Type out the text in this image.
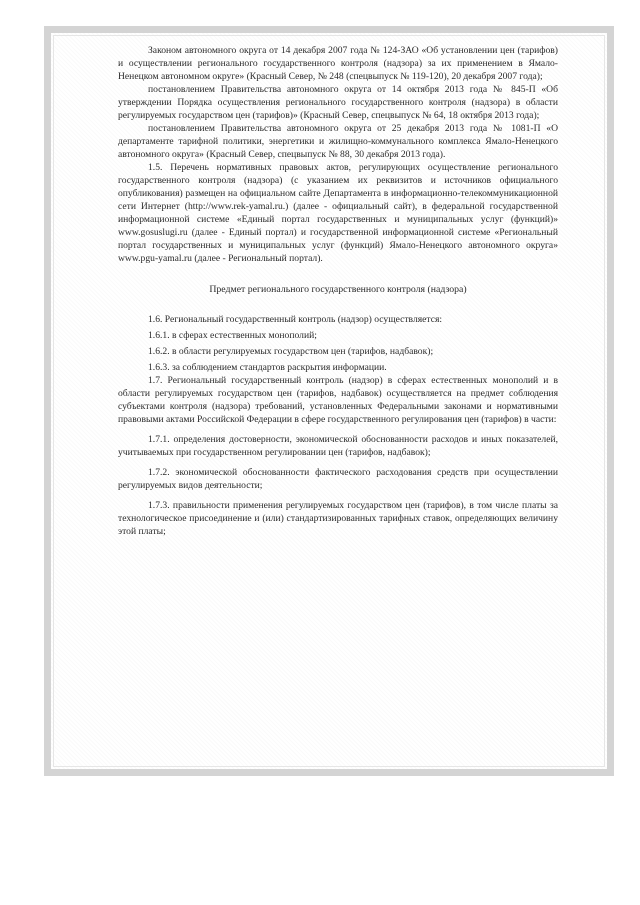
Законом автономного округа от 14 декабря 2007 года № 124-ЗАО «Об установлении цен (тарифов) и осуществлении регионального государственного контроля (надзора) за их применением в Ямало-Ненецком автономном округе» (Красный Север, № 248 (спецвыпуск № 119-120), 20 декабря 2007 года);

постановлением Правительства автономного округа от 14 октября 2013 года № 845-П «Об утверждении Порядка осуществления регионального государственного контроля (надзора) в области регулируемых государством цен (тарифов)» (Красный Север, спецвыпуск № 64, 18 октября 2013 года);

постановлением Правительства автономного округа от 25 декабря 2013 года № 1081-П «О департаменте тарифной политики, энергетики и жилищно-коммунального комплекса Ямало-Ненецкого автономного округа» (Красный Север, спецвыпуск № 88, 30 декабря 2013 года).

1.5. Перечень нормативных правовых актов, регулирующих осуществление регионального государственного контроля (надзора) (с указанием их реквизитов и источников официального опубликования) размещен на официальном сайте Департамента в информационно-телекоммуникационной сети Интернет (http://www.rek-yamal.ru.) (далее - официальный сайт), в федеральной государственной информационной системе «Единый портал государственных и муниципальных услуг (функций)» www.gosuslugi.ru (далее - Единый портал) и государственной информационной системе «Региональный портал государственных и муниципальных услуг (функций) Ямало-Ненецкого автономного округа» www.pgu-yamal.ru (далее - Региональный портал).

Предмет регионального государственного контроля (надзора)

1.6. Региональный государственный контроль (надзор) осуществляется:

1.6.1. в сферах естественных монополий;

1.6.2. в области регулируемых государством цен (тарифов, надбавок);

1.6.3. за соблюдением стандартов раскрытия информации.

1.7. Региональный государственный контроль (надзор) в сферах естественных монополий и в области регулируемых государством цен (тарифов, надбавок) осуществляется на предмет соблюдения субъектами контроля (надзора) требований, установленных Федеральными законами и нормативными правовыми актами Российской Федерации в сфере государственного регулирования цен (тарифов) в части:

1.7.1. определения достоверности, экономической обоснованности расходов и иных показателей, учитываемых при государственном регулировании цен (тарифов, надбавок);

1.7.2. экономической обоснованности фактического расходования средств при осуществлении регулируемых видов деятельности;

1.7.3. правильности применения регулируемых государством цен (тарифов), в том числе платы за технологическое присоединение и (или) стандартизированных тарифных ставок, определяющих величину этой платы;
